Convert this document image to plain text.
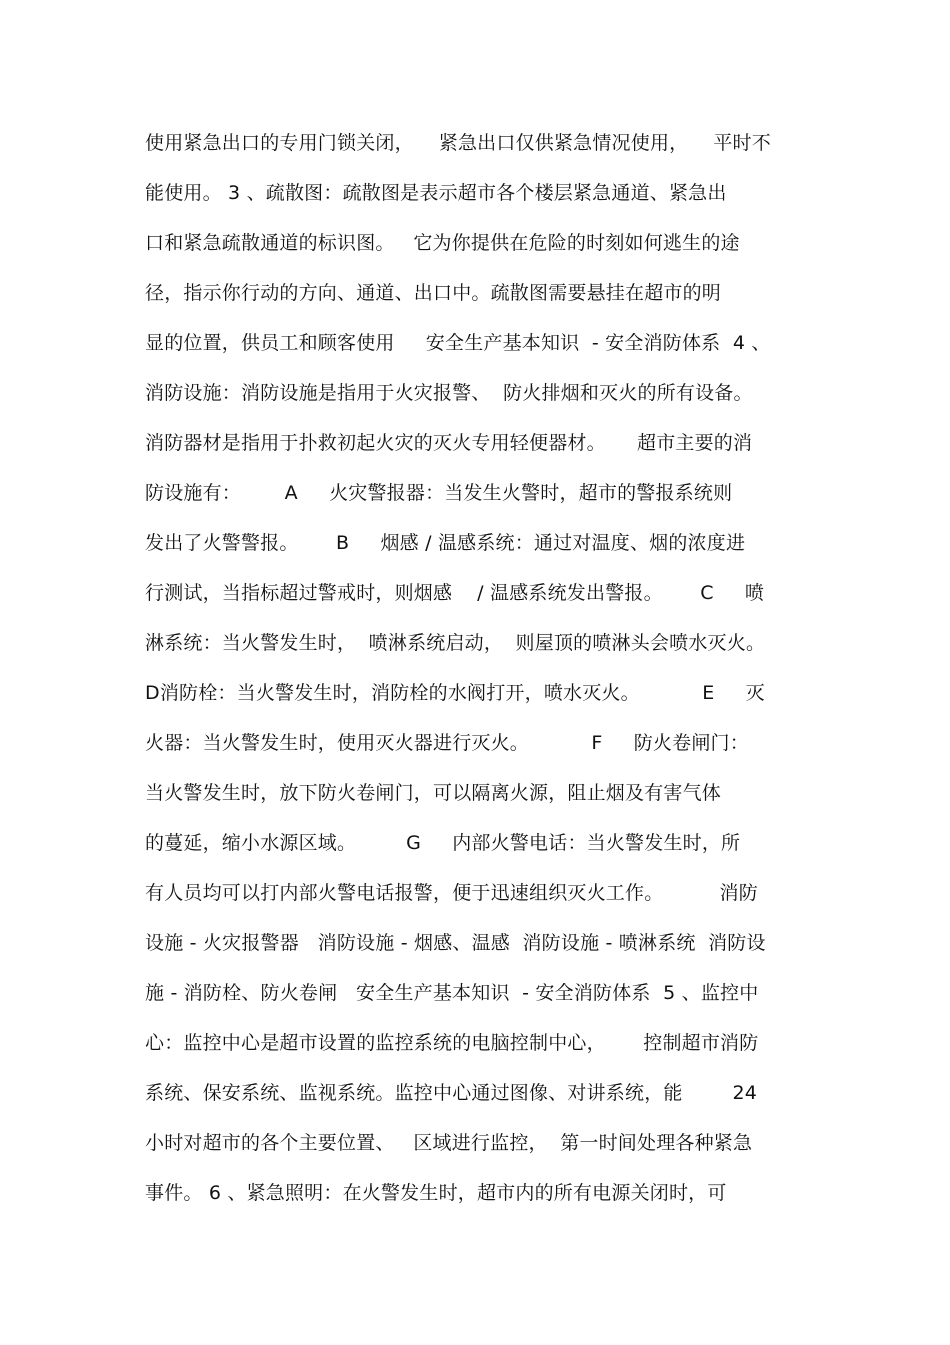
使用紧急出口的专用门锁关闭，    紧急出口仅供紧急情况使用，    平时不
能使用。 3 、疏散图：疏散图是表示超市各个楼层紧急通道、紧急出
口和紧急疏散通道的标识图。   它为你提供在危险的时刻如何逃生的途
径，指示你行动的方向、通道、出口中。疏散图需要悬挂在超市的明
显的位置，供员工和顾客使用     安全生产基本知识  - 安全消防体系  4 、
消防设施：消防设施是指用于火灾报警、  防火排烟和灭火的所有设备。
消防器材是指用于扑救初起火灾的灭火专用轻便器材。     超市主要的消
防设施有：       A     火灾警报器：当发生火警时，超市的警报系统则
发出了火警警报。      B     烟感 / 温感系统：通过对温度、烟的浓度进
行测试，当指标超过警戒时，则烟感    / 温感系统发出警报。      C     喷
淋系统：当火警发生时，  喷淋系统启动，  则屋顶的喷淋头会喷水灭火。
D消防栓：当火警发生时，消防栓的水阀打开，喷水灭火。          E     灭
火器：当火警发生时，使用灭火器进行灭火。          F     防火卷闸门：
当火警发生时，放下防火卷闸门，可以隔离火源，阻止烟及有害气体
的蔓延，缩小水源区域。        G     内部火警电话：当火警发生时，所
有人员均可以打内部火警电话报警，便于迅速组织灭火工作。         消防
设施 - 火灾报警器   消防设施 - 烟感、温感  消防设施 - 喷淋系统  消防设
施 - 消防栓、防火卷闸   安全生产基本知识  - 安全消防体系  5 、监控中
心：监控中心是超市设置的监控系统的电脑控制中心，      控制超市消防
系统、保安系统、监视系统。监控中心通过图像、对讲系统，能        24
小时对超市的各个主要位置、   区域进行监控，  第一时间处理各种紧急
事件。 6 、紧急照明：在火警发生时，超市内的所有电源关闭时，可
